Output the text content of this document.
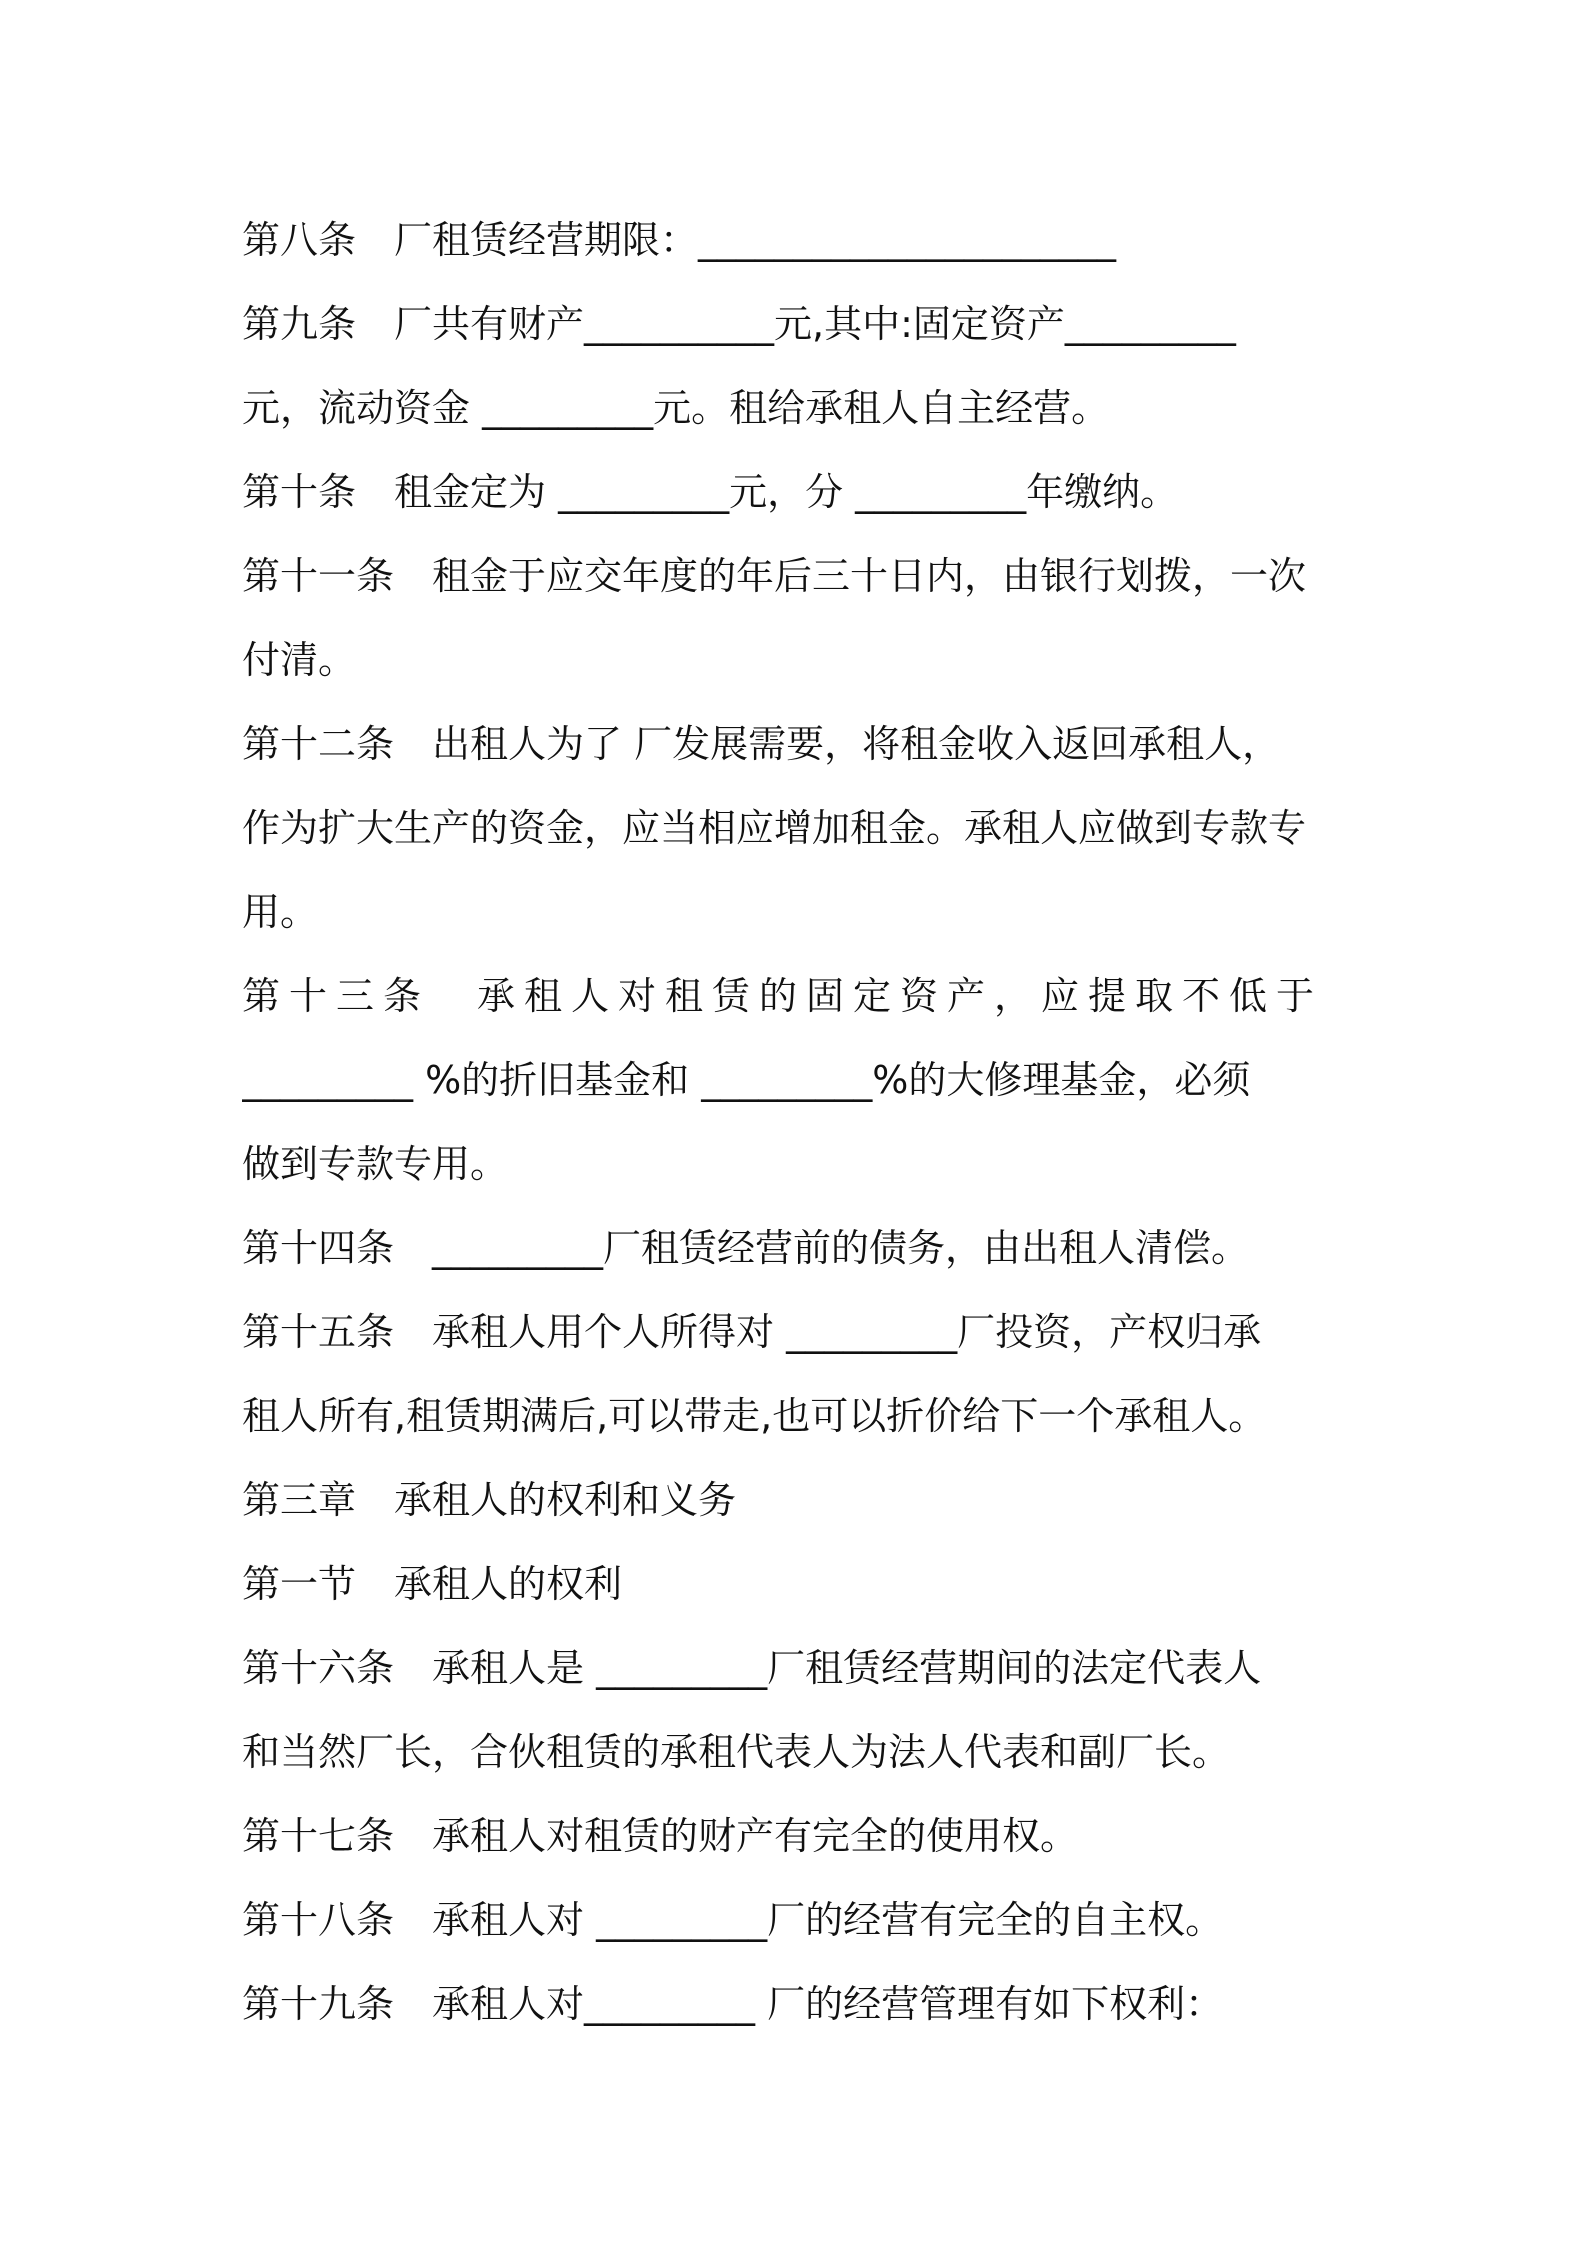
第八条　厂租赁经营期限：______________________
第九条　厂共有财产__________元,其中:固定资产_________
元，流动资金 _________元。租给承租人自主经营。
第十条　租金定为 _________元，分 _________年缴纳。
第十一条　租金于应交年度的年后三十日内，由银行划拨，一次
付清。
第十二条　出租人为了 厂发展需要，将租金收入返回承租人，
作为扩大生产的资金，应当相应增加租金。承租人应做到专款专
用。
第十三条　承租人对租赁的固定资产，应提取不低于
_________ %的折旧基金和 _________%的大修理基金，必须
做到专款专用。
第十四条　_________厂租赁经营前的债务，由出租人清偿。
第十五条　承租人用个人所得对 _________厂投资，产权归承
租人所有,租赁期满后,可以带走,也可以折价给下一个承租人。
第三章　承租人的权利和义务
第一节　承租人的权利
第十六条　承租人是 _________厂租赁经营期间的法定代表人
和当然厂长，合伙租赁的承租代表人为法人代表和副厂长。
第十七条　承租人对租赁的财产有完全的使用权。
第十八条　承租人对 _________厂的经营有完全的自主权。
第十九条　承租人对_________ 厂的经营管理有如下权利：
